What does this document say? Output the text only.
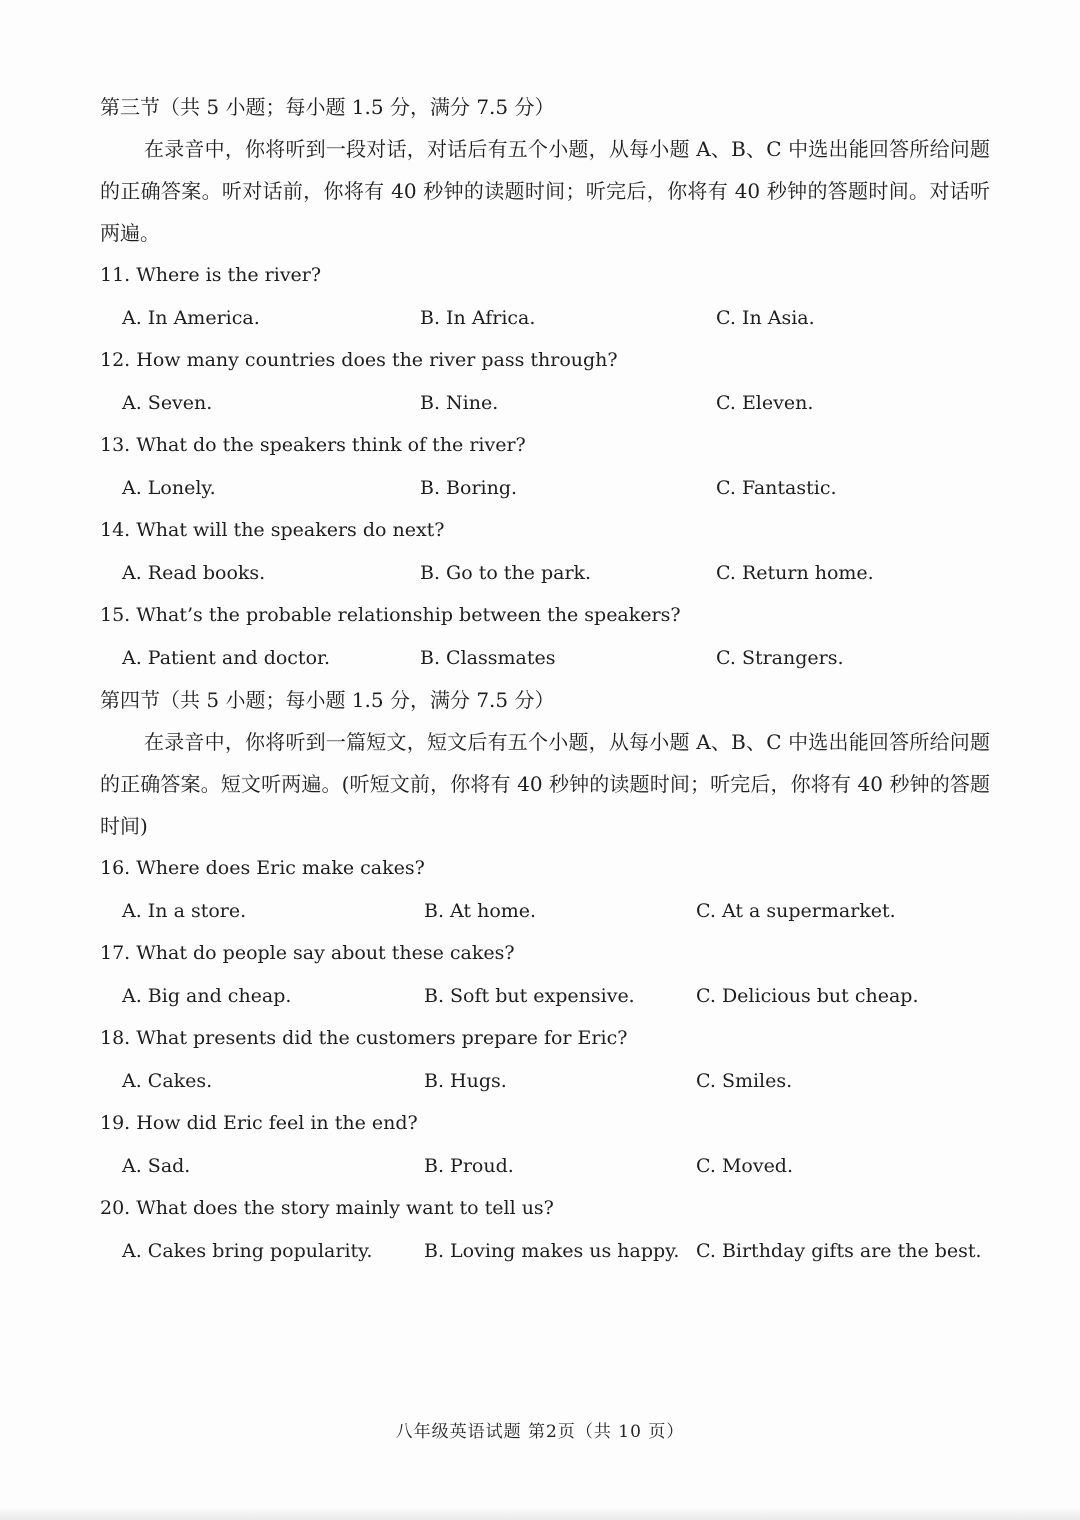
第三节（共 5 小题；每小题 1.5 分，满分 7.5 分）
在录音中，你将听到一段对话，对话后有五个小题，从每小题 A、B、C 中选出能回答所给问题的正确答案。听对话前，你将有 40 秒钟的读题时间；听完后，你将有 40 秒钟的答题时间。对话听两遍。
11. Where is the river?
A. In America.	B. In Africa.	C. In Asia.
12. How many countries does the river pass through?
A. Seven.	B. Nine.	C. Eleven.
13. What do the speakers think of the river?
A. Lonely.	B. Boring.	C. Fantastic.
14. What will the speakers do next?
A. Read books.	B. Go to the park.	C. Return home.
15. What’s the probable relationship between the speakers?
A. Patient and doctor.	B. Classmates	C. Strangers.
第四节（共 5 小题；每小题 1.5 分，满分 7.5 分）
在录音中，你将听到一篇短文，短文后有五个小题，从每小题 A、B、C 中选出能回答所给问题的正确答案。短文听两遍。(听短文前，你将有 40 秒钟的读题时间；听完后，你将有 40 秒钟的答题时间)
16. Where does Eric make cakes?
A. In a store.	B. At home.	C. At a supermarket.
17. What do people say about these cakes?
A. Big and cheap.	B. Soft but expensive.	C. Delicious but cheap.
18. What presents did the customers prepare for Eric?
A. Cakes.	B. Hugs.	C. Smiles.
19. How did Eric feel in the end?
A. Sad.	B. Proud.	C. Moved.
20. What does the story mainly want to tell us?
A. Cakes bring popularity.	B. Loving makes us happy. C. Birthday gifts are the best.
八年级英语试题 第2页（共 10 页）
